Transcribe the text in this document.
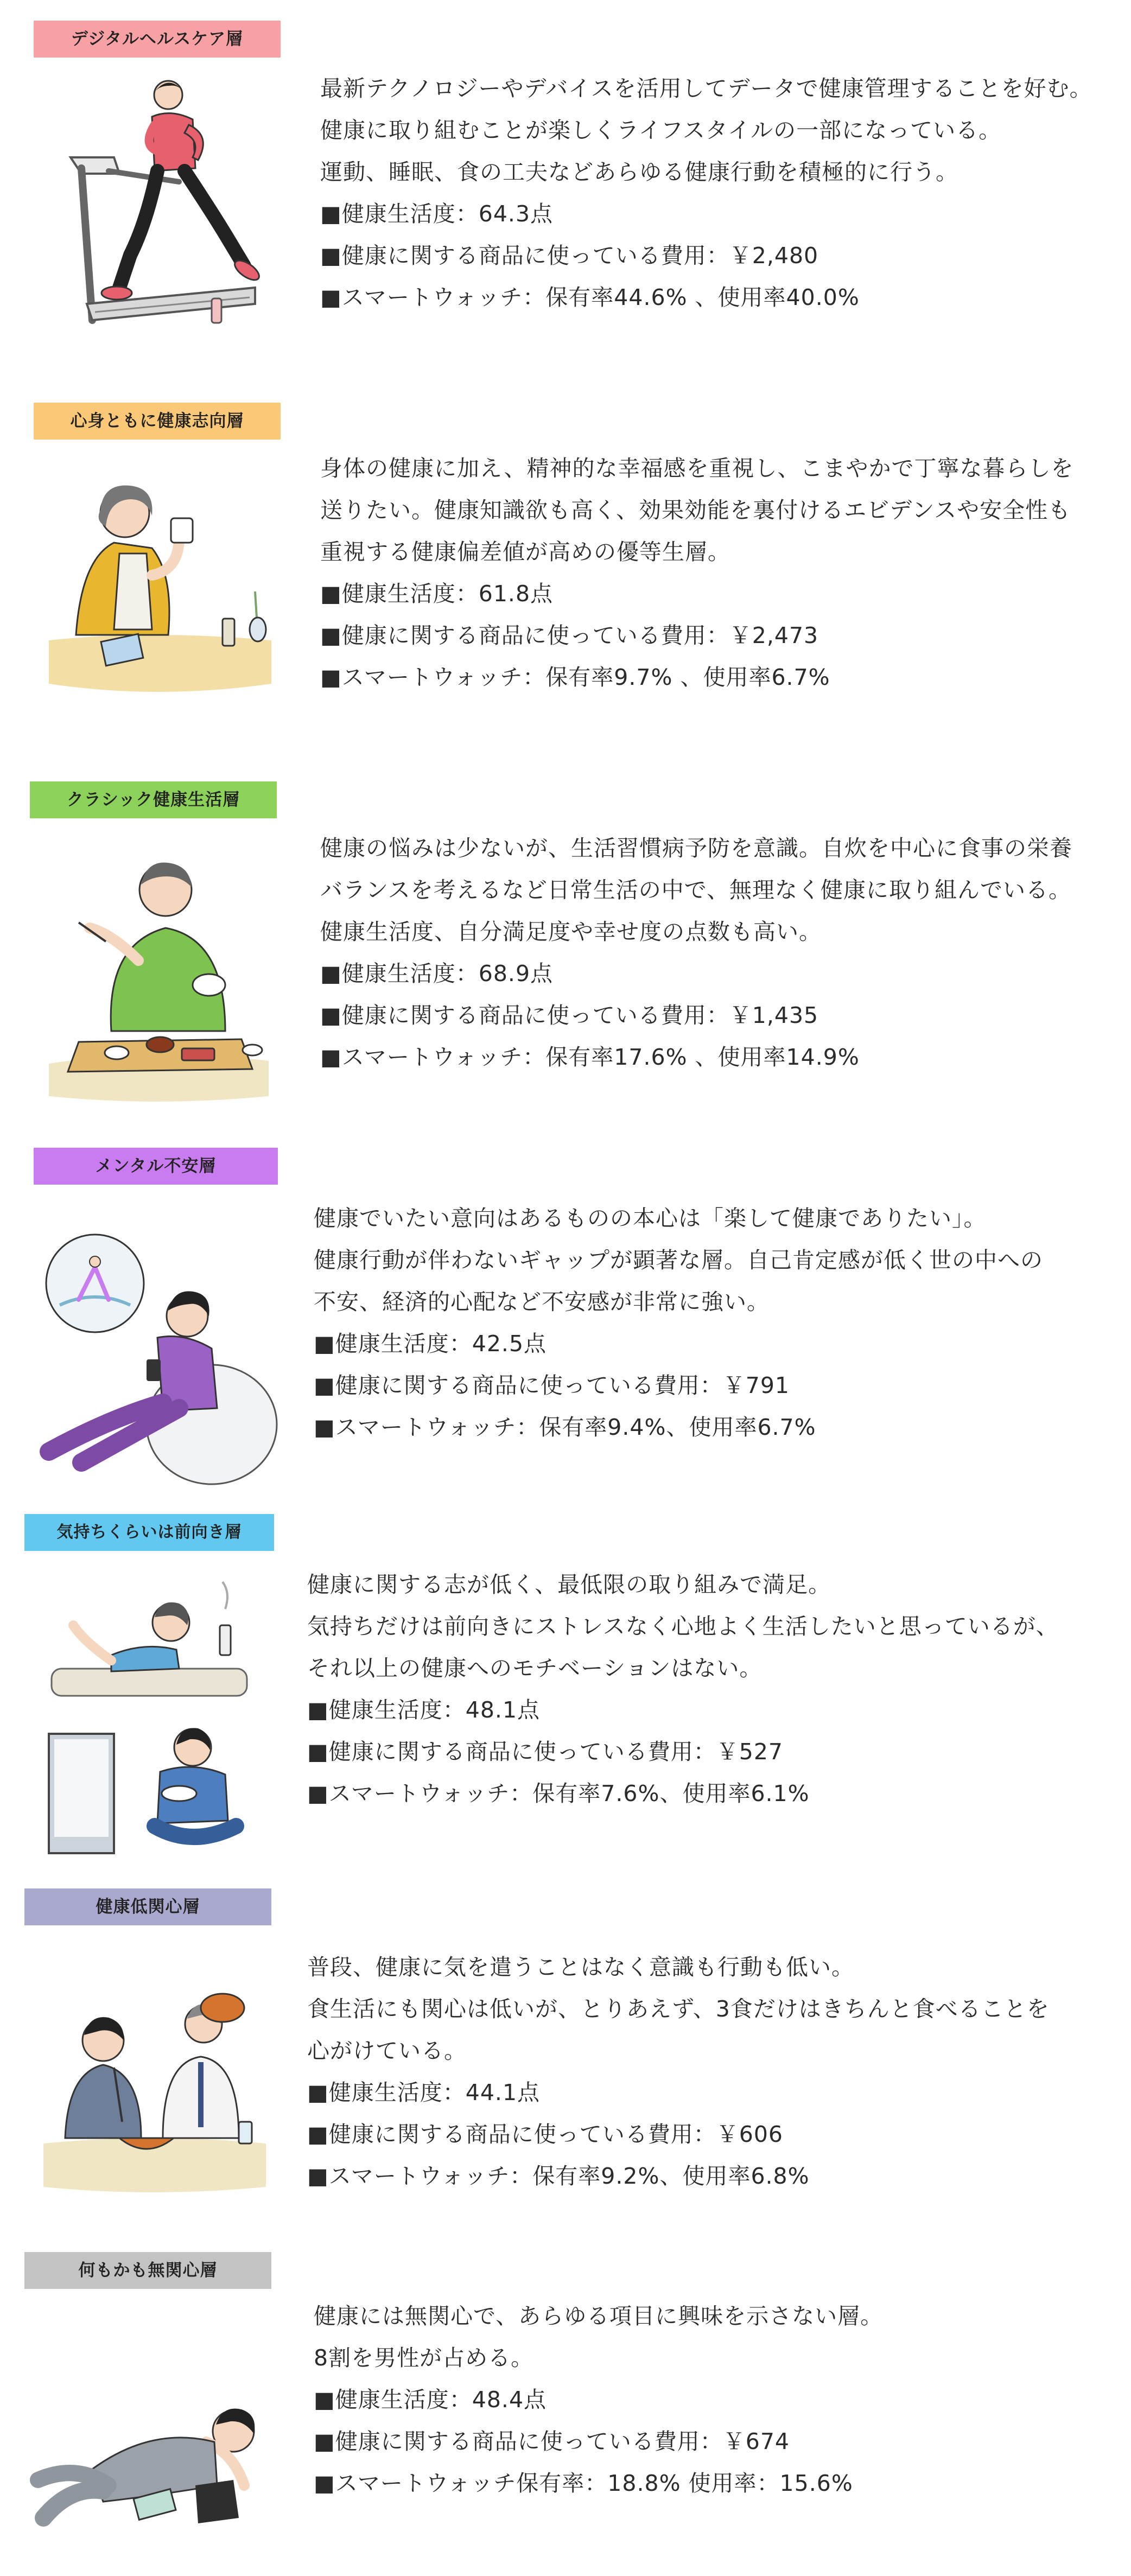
デジタルヘルスケア層

最新テクノロジーやデバイスを活用してデータで健康管理することを好む。

健康に取り組むことが楽しくライフスタイルの一部になっている。

運動、睡眠、食の工夫などあらゆる健康行動を積極的に行う。

■健康生活度：64.3点

■健康に関する商品に使っている費用：￥2,480

■スマートウォッチ：保有率44.6% 、使用率40.0%

心身ともに健康志向層

身体の健康に加え、精神的な幸福感を重視し、こまやかで丁寧な暮らしを

送りたい。健康知識欲も高く、効果効能を裏付けるエビデンスや安全性も

重視する健康偏差値が高めの優等生層。

■健康生活度：61.8点

■健康に関する商品に使っている費用：￥2,473

■スマートウォッチ：保有率9.7% 、使用率6.7%

クラシック健康生活層

健康の悩みは少ないが、生活習慣病予防を意識。自炊を中心に食事の栄養

バランスを考えるなど日常生活の中で、無理なく健康に取り組んでいる。

健康生活度、自分満足度や幸せ度の点数も高い。

■健康生活度：68.9点

■健康に関する商品に使っている費用：￥1,435

■スマートウォッチ：保有率17.6% 、使用率14.9%

メンタル不安層

健康でいたい意向はあるものの本心は「楽して健康でありたい」。

健康行動が伴わないギャップが顕著な層。自己肯定感が低く世の中への

不安、経済的心配など不安感が非常に強い。

■健康生活度：42.5点

■健康に関する商品に使っている費用：￥791

■スマートウォッチ：保有率9.4%、使用率6.7%

気持ちくらいは前向き層

健康に関する志が低く、最低限の取り組みで満足。

気持ちだけは前向きにストレスなく心地よく生活したいと思っているが、

それ以上の健康へのモチベーションはない。

■健康生活度：48.1点

■健康に関する商品に使っている費用：￥527

■スマートウォッチ：保有率7.6%、使用率6.1%

健康低関心層

普段、健康に気を遣うことはなく意識も行動も低い。

食生活にも関心は低いが、とりあえず、3食だけはきちんと食べることを

心がけている。

■健康生活度：44.1点

■健康に関する商品に使っている費用：￥606

■スマートウォッチ：保有率9.2%、使用率6.8%

何もかも無関心層

健康には無関心で、あらゆる項目に興味を示さない層。

8割を男性が占める。

■健康生活度：48.4点

■健康に関する商品に使っている費用：￥674

■スマートウォッチ保有率：18.8% 使用率：15.6%
